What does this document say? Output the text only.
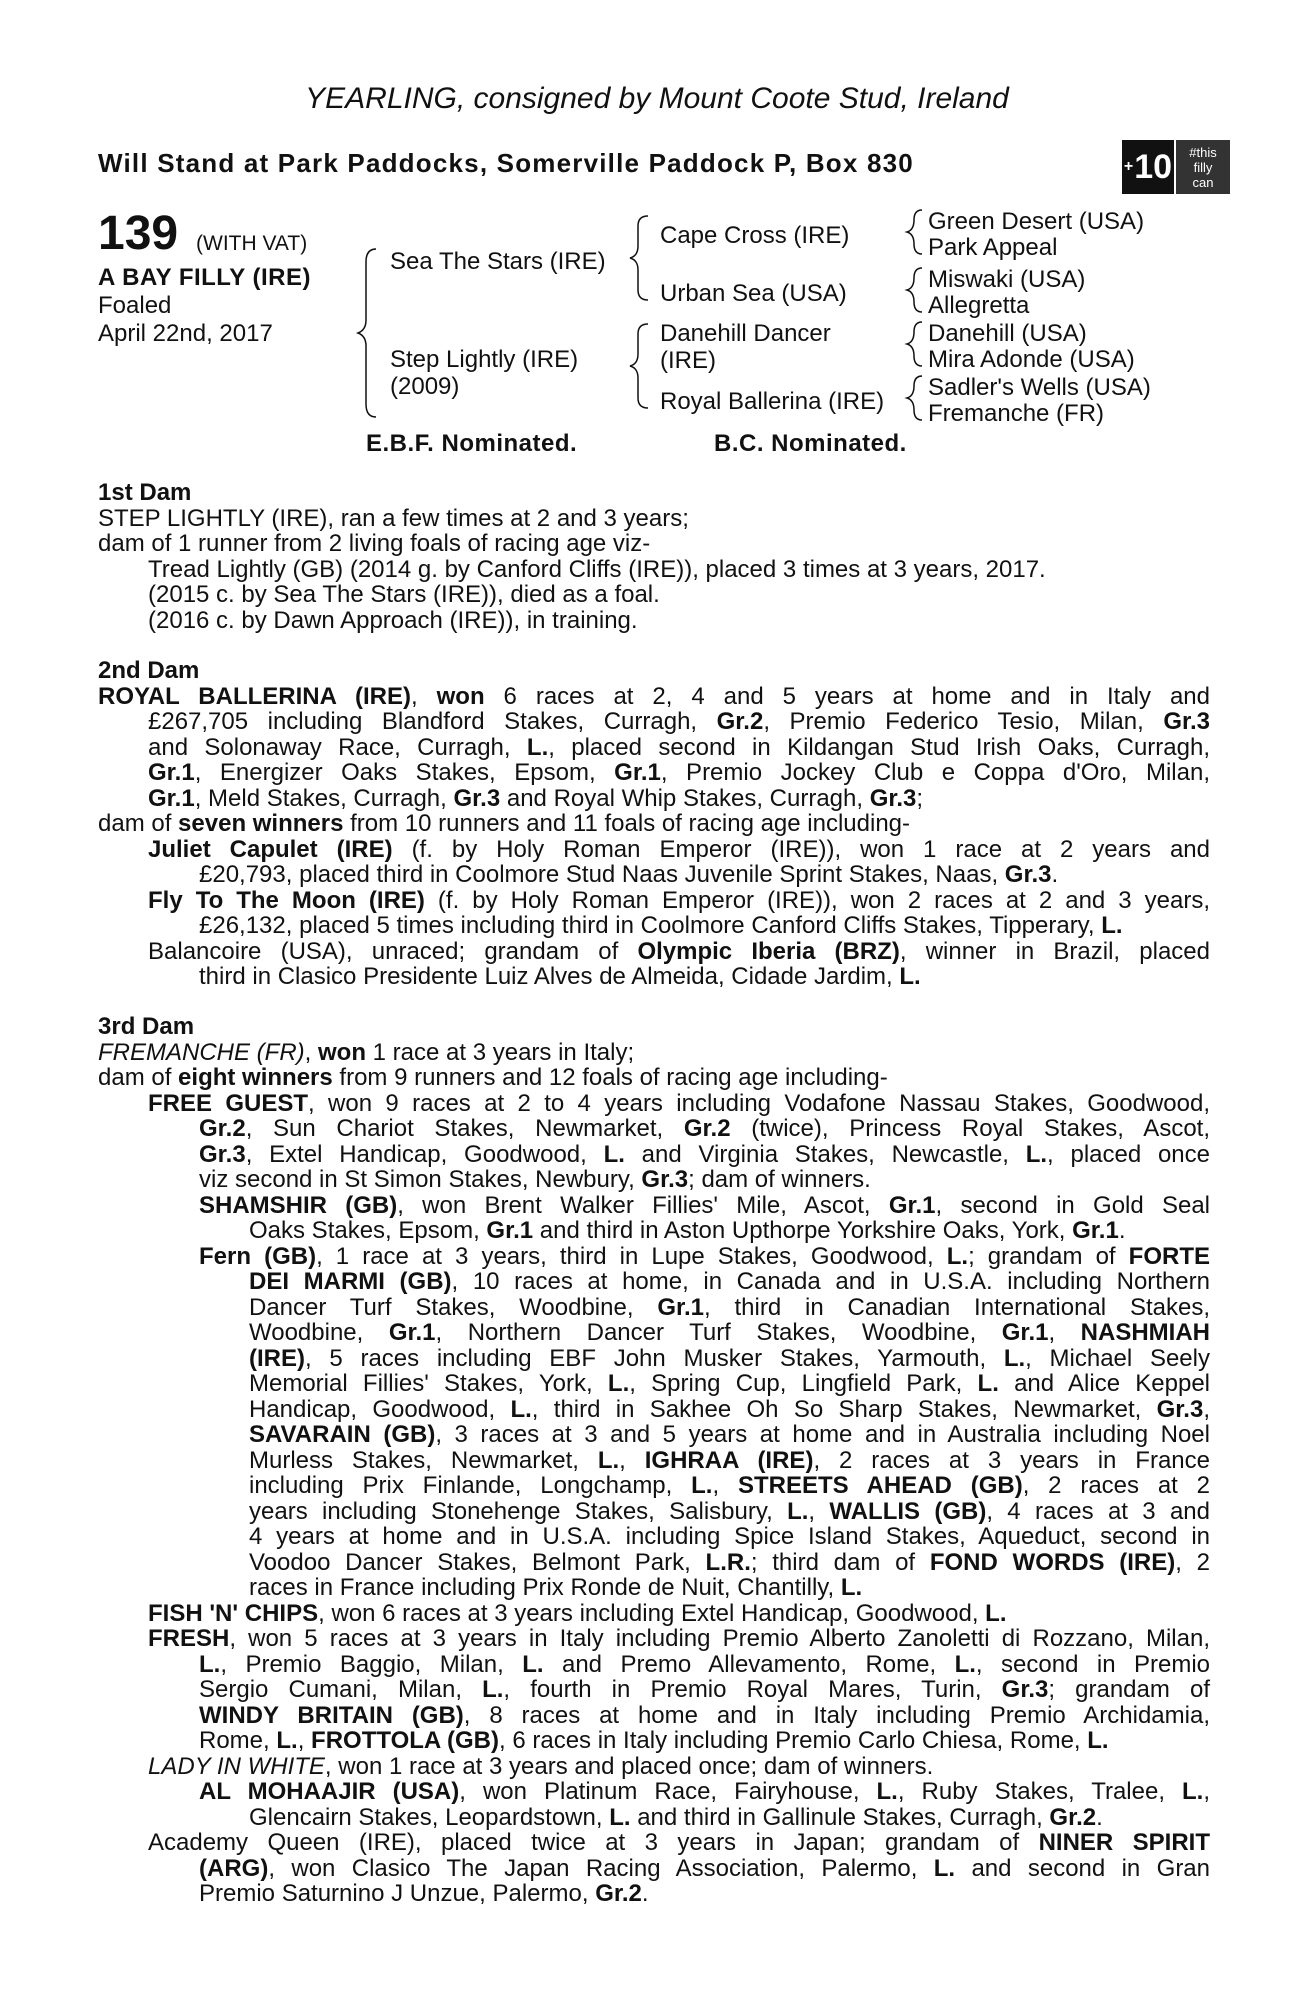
YEARLING, consigned by Mount Coote Stud, Ireland
Will Stand at Park Paddocks, Somerville Paddock P, Box 830	+ 10 #this
filly
can
139 (WITH VAT)
A BAY FILLY (IRE)
Foaled
April 22nd, 2017
Sea The Stars (IRE)
Step Lightly (IRE)
(2009)
Cape Cross (IRE)
Urban Sea (USA)
Danehill Dancer
(IRE)
Royal Ballerina (IRE)
Green Desert (USA)
Park Appeal
Miswaki (USA)
Allegretta
Danehill (USA)
Mira Adonde (USA)
Sadler's Wells (USA)
Fremanche (FR)
E.B.F. Nominated.	B.C. Nominated.
1st Dam
STEP LIGHTLY (IRE), ran a few times at 2 and 3 years;
dam of 1 runner from 2 living foals of racing age viz-
Tread Lightly (GB) (2014 g. by Canford Cliffs (IRE)), placed 3 times at 3 years, 2017.
(2015 c. by Sea The Stars (IRE)), died as a foal.
(2016 c. by Dawn Approach (IRE)), in training.
2nd Dam
ROYAL BALLERINA (IRE), won 6 races at 2, 4 and 5 years at home and in Italy and
£267,705 including Blandford Stakes, Curragh, Gr.2, Premio Federico Tesio, Milan, Gr.3
and Solonaway Race, Curragh, L., placed second in Kildangan Stud Irish Oaks, Curragh,
Gr.1, Energizer Oaks Stakes, Epsom, Gr.1, Premio Jockey Club e Coppa d'Oro, Milan,
Gr.1, Meld Stakes, Curragh, Gr.3 and Royal Whip Stakes, Curragh, Gr.3;
dam of seven winners from 10 runners and 11 foals of racing age including-
Juliet Capulet (IRE) (f. by Holy Roman Emperor (IRE)), won 1 race at 2 years and
£20,793, placed third in Coolmore Stud Naas Juvenile Sprint Stakes, Naas, Gr.3.
Fly To The Moon (IRE) (f. by Holy Roman Emperor (IRE)), won 2 races at 2 and 3 years,
£26,132, placed 5 times including third in Coolmore Canford Cliffs Stakes, Tipperary, L.
Balancoire (USA), unraced; grandam of Olympic Iberia (BRZ), winner in Brazil, placed
third in Clasico Presidente Luiz Alves de Almeida, Cidade Jardim, L.
3rd Dam
FREMANCHE (FR), won 1 race at 3 years in Italy;
dam of eight winners from 9 runners and 12 foals of racing age including-
FREE GUEST, won 9 races at 2 to 4 years including Vodafone Nassau Stakes, Goodwood,
Gr.2, Sun Chariot Stakes, Newmarket, Gr.2 (twice), Princess Royal Stakes, Ascot,
Gr.3, Extel Handicap, Goodwood, L. and Virginia Stakes, Newcastle, L., placed once
viz second in St Simon Stakes, Newbury, Gr.3; dam of winners.
SHAMSHIR (GB), won Brent Walker Fillies' Mile, Ascot, Gr.1, second in Gold Seal
Oaks Stakes, Epsom, Gr.1 and third in Aston Upthorpe Yorkshire Oaks, York, Gr.1.
Fern (GB), 1 race at 3 years, third in Lupe Stakes, Goodwood, L.; grandam of FORTE
DEI MARMI (GB), 10 races at home, in Canada and in U.S.A. including Northern
Dancer Turf Stakes, Woodbine, Gr.1, third in Canadian International Stakes,
Woodbine, Gr.1, Northern Dancer Turf Stakes, Woodbine, Gr.1, NASHMIAH
(IRE), 5 races including EBF John Musker Stakes, Yarmouth, L., Michael Seely
Memorial Fillies' Stakes, York, L., Spring Cup, Lingfield Park, L. and Alice Keppel
Handicap, Goodwood, L., third in Sakhee Oh So Sharp Stakes, Newmarket, Gr.3,
SAVARAIN (GB), 3 races at 3 and 5 years at home and in Australia including Noel
Murless Stakes, Newmarket, L., IGHRAA (IRE), 2 races at 3 years in France
including Prix Finlande, Longchamp, L., STREETS AHEAD (GB), 2 races at 2
years including Stonehenge Stakes, Salisbury, L., WALLIS (GB), 4 races at 3 and
4 years at home and in U.S.A. including Spice Island Stakes, Aqueduct, second in
Voodoo Dancer Stakes, Belmont Park, L.R.; third dam of FOND WORDS (IRE), 2
races in France including Prix Ronde de Nuit, Chantilly, L.
FISH 'N' CHIPS, won 6 races at 3 years including Extel Handicap, Goodwood, L.
FRESH, won 5 races at 3 years in Italy including Premio Alberto Zanoletti di Rozzano, Milan,
L., Premio Baggio, Milan, L. and Premo Allevamento, Rome, L., second in Premio
Sergio Cumani, Milan, L., fourth in Premio Royal Mares, Turin, Gr.3; grandam of
WINDY BRITAIN (GB), 8 races at home and in Italy including Premio Archidamia,
Rome, L., FROTTOLA (GB), 6 races in Italy including Premio Carlo Chiesa, Rome, L.
LADY IN WHITE, won 1 race at 3 years and placed once; dam of winners.
AL MOHAAJIR (USA), won Platinum Race, Fairyhouse, L., Ruby Stakes, Tralee, L.,
Glencairn Stakes, Leopardstown, L. and third in Gallinule Stakes, Curragh, Gr.2.
Academy Queen (IRE), placed twice at 3 years in Japan; grandam of NINER SPIRIT
(ARG), won Clasico The Japan Racing Association, Palermo, L. and second in Gran
Premio Saturnino J Unzue, Palermo, Gr.2.
